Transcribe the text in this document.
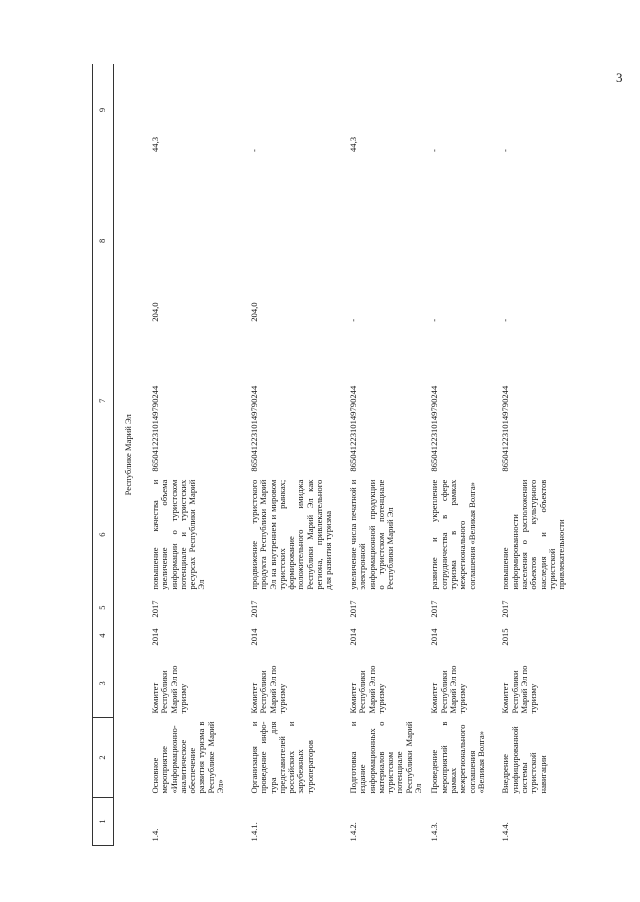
3
1	2	3	4	5	6	7	8	9
Республике Марий Эл								
1.4.	Основное мероприятие «Информационно-аналитическое обеспечение развития туризма в Республике Марий Эл»	Комитет Республики Марий Эл по туризму	2014	2017	повышение качества и увеличение объема информации о туристском потенциале и туристских ресурсах Республики Марий Эл	86504122310149790244	204,0	44,3
1.4.1.	Организация и проведение инфо-тура для представителей российских и зарубежных туроператоров	Комитет Республики Марий Эл по туризму	2014	2017	продвижение туристского продукта Республики Марий Эл на внутреннем и мировом туристских рынках; формирование положительного имиджа Республики Марий Эл как региона, привлекательного для развития туризма	86504122310149790244	204,0	-
1.4.2.	Подготовка и издание информационных материалов о туристском потенциале Республики Марий Эл	Комитет Республики Марий Эл по туризму	2014	2017	увеличение числа печатной и электронной информационной продукции о туристском потенциале Республики Марий Эл	86504122310149790244	-	44,3
1.4.3.	Проведение мероприятий в рамках межрегионального соглашения «Великая Волга»	Комитет Республики Марий Эл по туризму	2014	2017	развитие и укрепление сотрудничества в сфере туризма в рамках межрегионального соглашения «Великая Волга»	86504122310149790244	-	-
1.4.4.	Внедрение унифицированной системы туристской навигации	Комитет Республики Марий Эл по туризму	2015	2017	повышение информированности населения о расположении объектов культурного наследия и объектов туристской привлекательности	86504122310149790244	-	-
